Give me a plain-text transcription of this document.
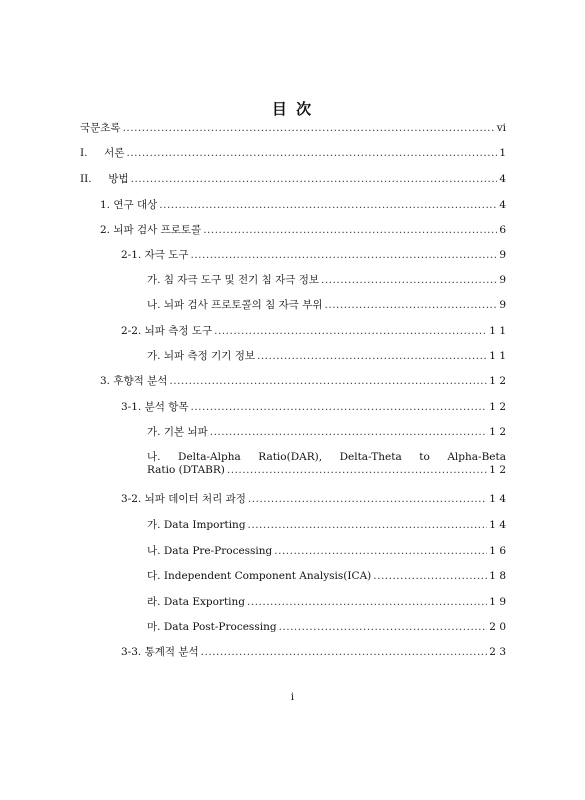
目 次
국문초록 .....	vi
I.     서론 .....	1
II.     방법 .....	4
1. 연구 대상 .....	4
2. 뇌파 검사 프로토콜 .....	6
2-1. 자극 도구 .....	9
가. 침 자극 도구 및 전기 침 자극 정보 .....	9
나. 뇌파 검사 프로토콜의 침 자극 부위 .....	9
2-2. 뇌파 측정 도구 .....	1 1
가. 뇌파 측정 기기 정보 .....	1 1
3. 후향적 분석 .....	1 2
3-1. 분석 항목 .....	1 2
가. 기본 뇌파 .....	1 2
나. Delta-Alpha Ratio(DAR), Delta-Theta to Alpha-Beta
Ratio (DTABR) .....	1 2
3-2. 뇌파 데이터 처리 과정 .....	1 4
가. Data Importing .....	1 4
나. Data Pre-Processing .....	1 6
다. Independent Component Analysis(ICA) .....	1 8
라. Data Exporting .....	1 9
마. Data Post-Processing .....	2 0
3-3. 통계적 분석 .....	2 3
i
